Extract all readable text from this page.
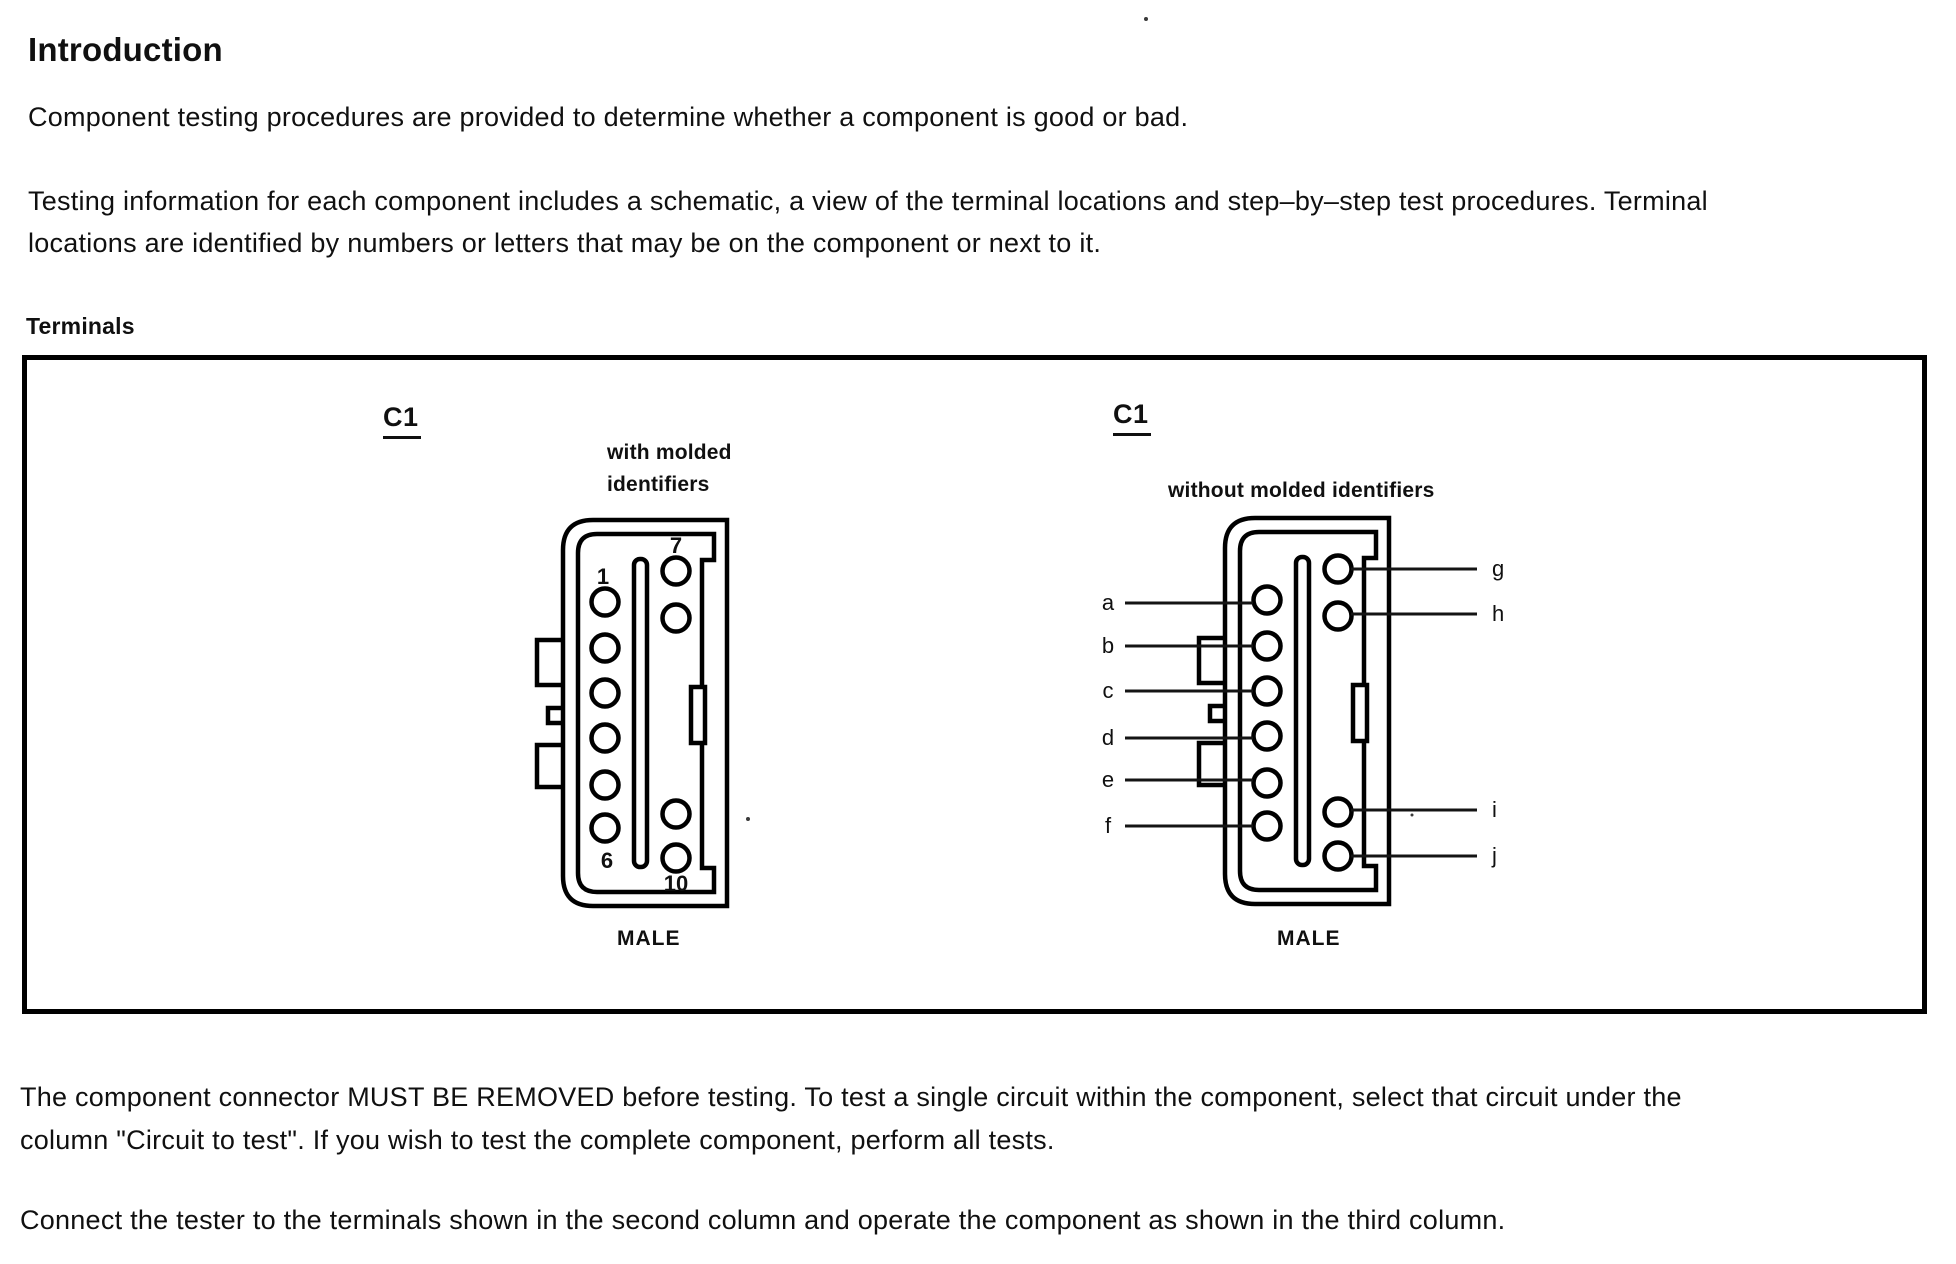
Introduction
Component testing procedures are provided to determine whether a component is good or bad.
Testing information for each component includes a schematic, a view of the terminal locations and step–by–step test procedures. Terminal
locations are identified by numbers or letters that may be on the component or next to it.
Terminals
C1
with molded
identifiers
C1
without molded identifiers
MALE	MALE
1
7
6
10
a
b
c
d
e
f
g
h
i
j
The component connector MUST BE REMOVED before testing. To test a single circuit within the component, select that circuit under the
column "Circuit to test". If you wish to test the complete component, perform all tests.
Connect the tester to the terminals shown in the second column and operate the component as shown in the third column.
